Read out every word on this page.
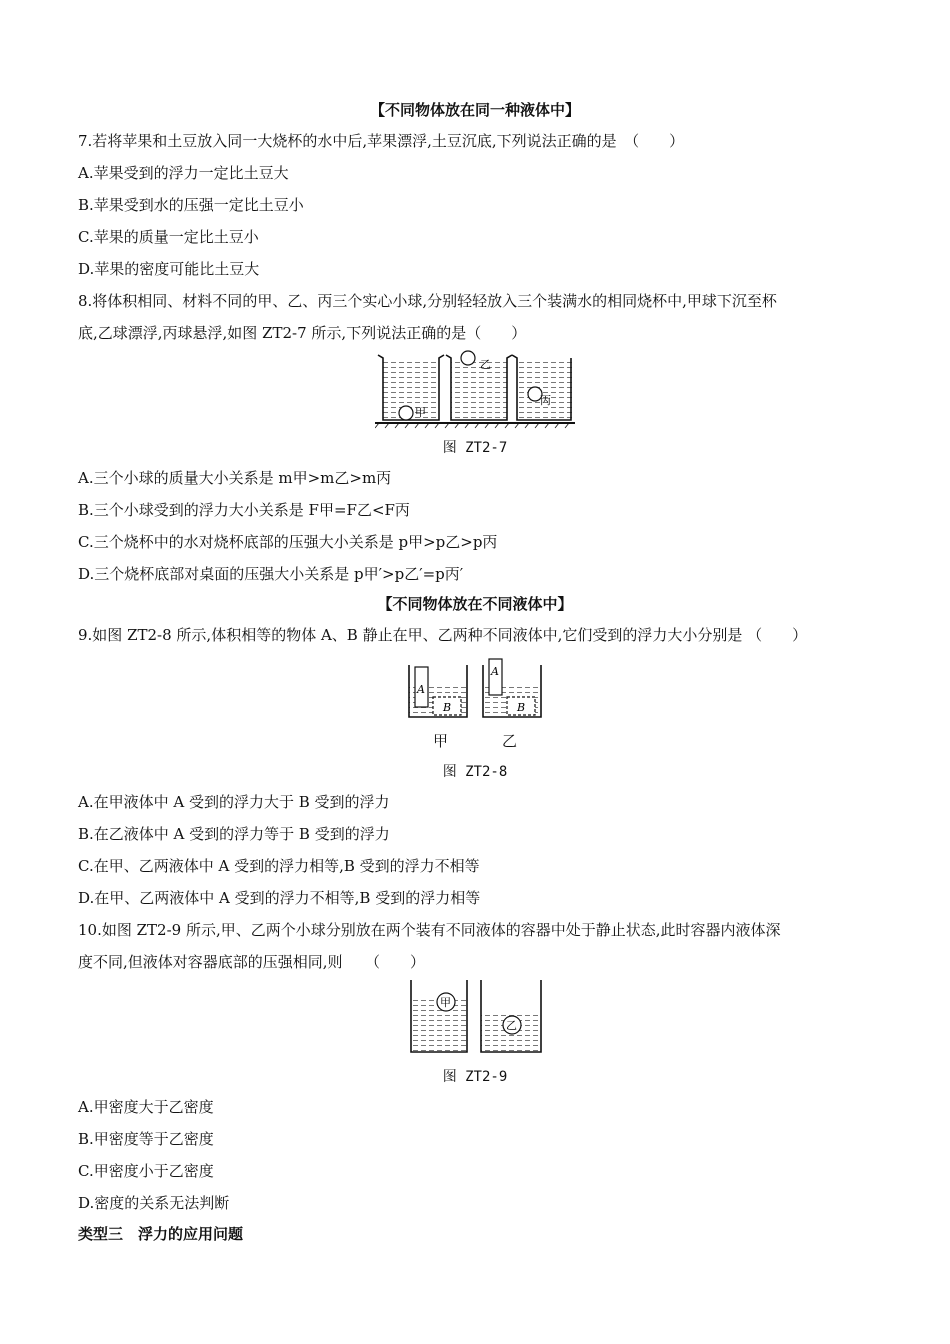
【不同物体放在同一种液体中】
7.若将苹果和土豆放入同一大烧杯的水中后,苹果漂浮,土豆沉底,下列说法正确的是　（　　）
A.苹果受到的浮力一定比土豆大
B.苹果受到水的压强一定比土豆小
C.苹果的质量一定比土豆小
D.苹果的密度可能比土豆大
8.将体积相同、材料不同的甲、乙、丙三个实心小球,分别轻轻放入三个装满水的相同烧杯中,甲球下沉至杯
底,乙球漂浮,丙球悬浮,如图 ZT2-7 所示,下列说法正确的是（　　）
甲
乙
丙
图 ZT2-7
A.三个小球的质量大小关系是 m甲>m乙>m丙
B.三个小球受到的浮力大小关系是 F甲=F乙<F丙
C.三个烧杯中的水对烧杯底部的压强大小关系是 p甲>p乙>p丙
D.三个烧杯底部对桌面的压强大小关系是 p甲′>p乙′=p丙′
【不同物体放在不同液体中】
9.如图 ZT2-8 所示,体积相等的物体 A、B 静止在甲、乙两种不同液体中,它们受到的浮力大小分别是 （　　）
A
B
A
B
甲	乙
图 ZT2-8
A.在甲液体中 A 受到的浮力大于 B 受到的浮力
B.在乙液体中 A 受到的浮力等于 B 受到的浮力
C.在甲、乙两液体中 A 受到的浮力相等,B 受到的浮力不相等
D.在甲、乙两液体中 A 受到的浮力不相等,B 受到的浮力相等
10.如图 ZT2-9 所示,甲、乙两个小球分别放在两个装有不同液体的容器中处于静止状态,此时容器内液体深
度不同,但液体对容器底部的压强相同,则　　（　　）
甲
乙
图 ZT2-9
A.甲密度大于乙密度
B.甲密度等于乙密度
C.甲密度小于乙密度
D.密度的关系无法判断
类型三　浮力的应用问题
